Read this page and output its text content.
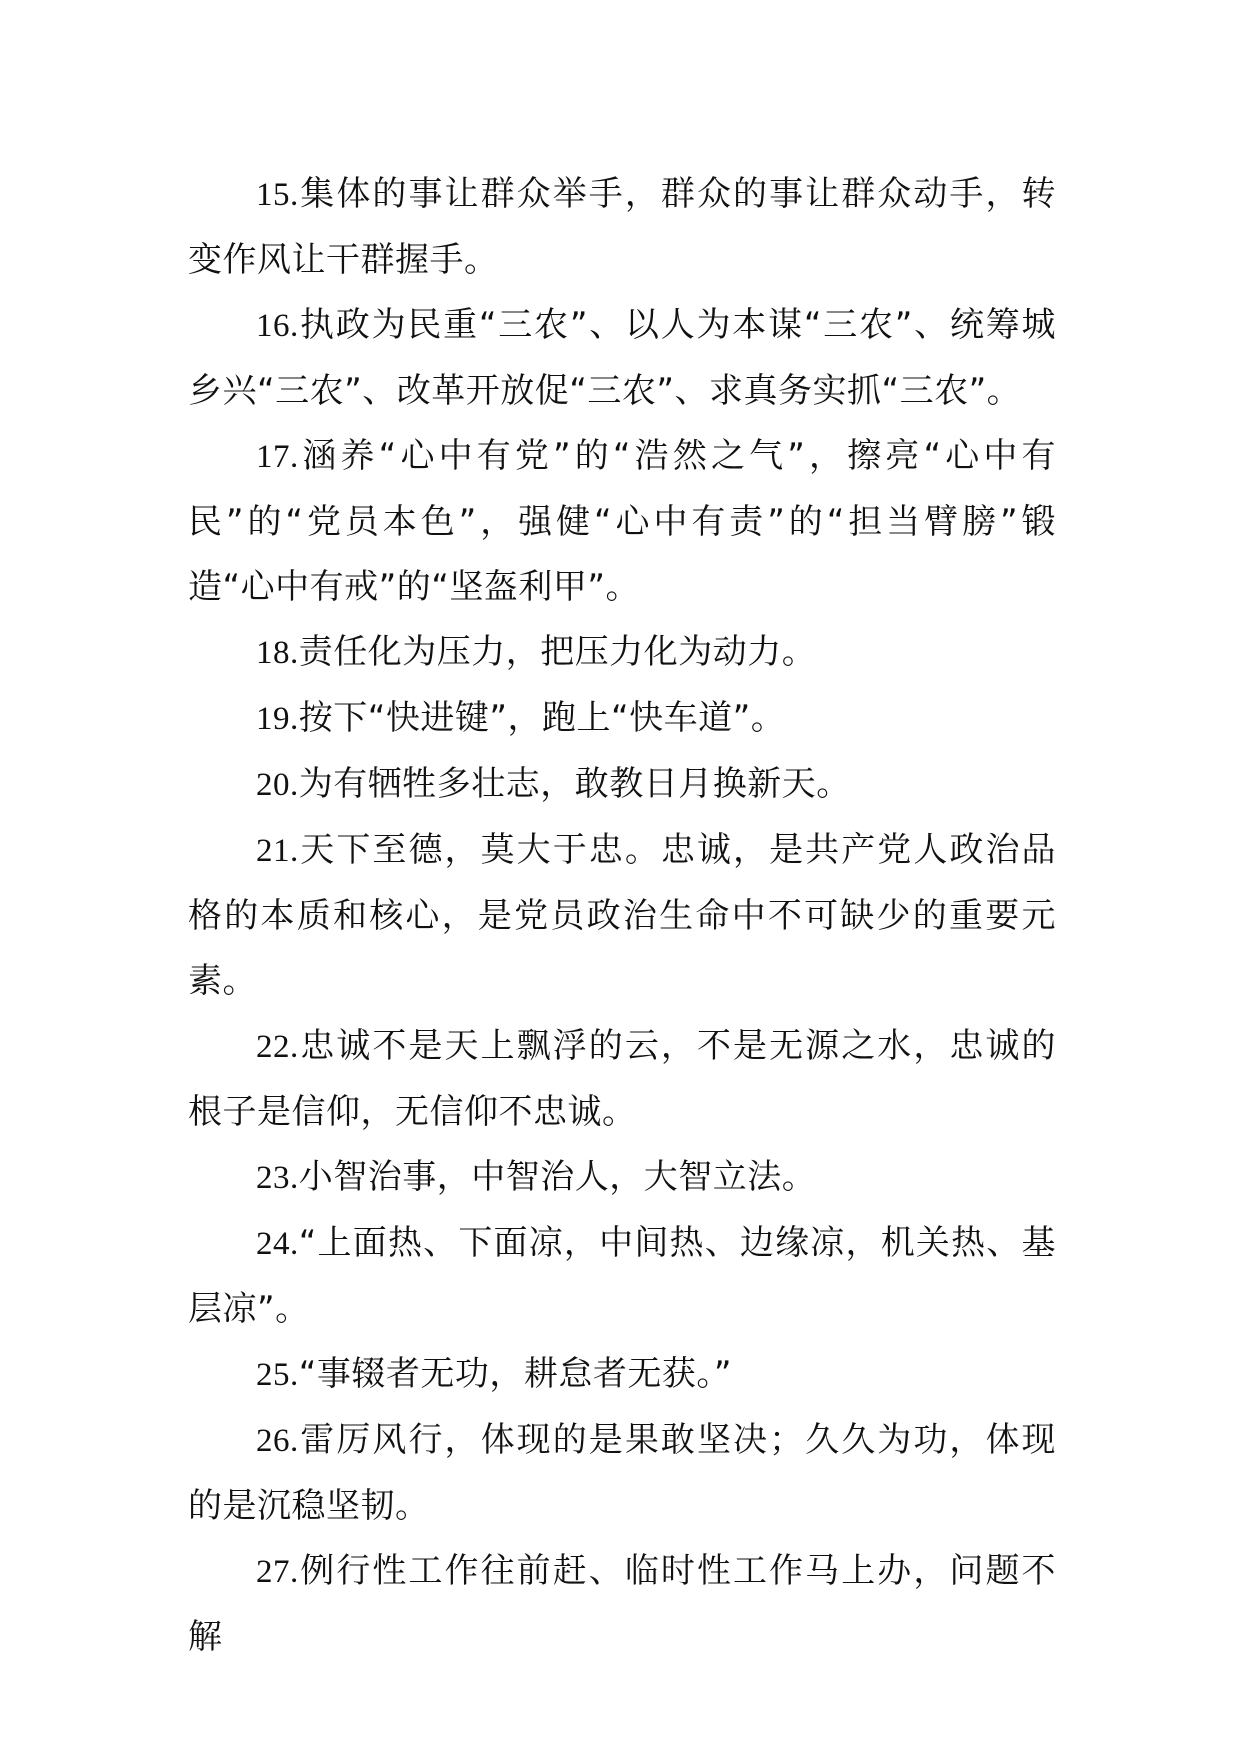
15.集体的事让群众举手，群众的事让群众动手，转变作风让干群握手。

16.执政为民重“三农”、以人为本谋“三农”、统筹城乡兴“三农”、改革开放促“三农”、求真务实抓“三农”。

17.涵养“心中有党”的“浩然之气”，擦亮“心中有民”的“党员本色”，强健“心中有责”的“担当臂膀”锻造“心中有戒”的“坚盔利甲”。

18.责任化为压力，把压力化为动力。

19.按下“快进键”，跑上“快车道”。

20.为有牺牲多壮志，敢教日月换新天。

21.天下至德，莫大于忠。忠诚，是共产党人政治品格的本质和核心，是党员政治生命中不可缺少的重要元素。

22.忠诚不是天上飘浮的云，不是无源之水，忠诚的根子是信仰，无信仰不忠诚。

23.小智治事，中智治人，大智立法。

24.“上面热、下面凉，中间热、边缘凉，机关热、基层凉”。

25.“事辍者无功，耕怠者无获。”

26.雷厉风行，体现的是果敢坚决；久久为功，体现的是沉稳坚韧。

27.例行性工作往前赶、临时性工作马上办，问题不解
